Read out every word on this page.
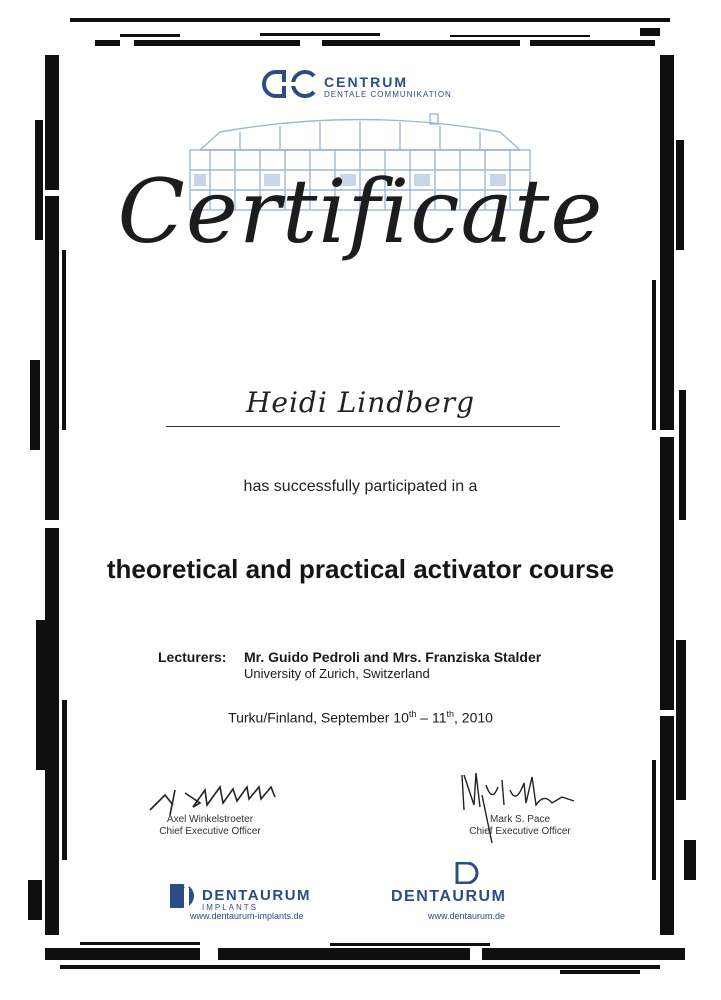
CENTRUM
DENTALE COMMUNIKATION
Certificate
Heidi Lindberg
has successfully participated in a
theoretical and practical activator course
Lecturers: Mr. Guido Pedroli and Mrs. Franziska Stalder
University of Zurich, Switzerland
Turku/Finland, September 10th – 11th, 2010
Axel Winkelstroeter
Chief Executive Officer
Mark S. Pace
Chief Executive Officer
DENTAURUM
IMPLANTS
www.dentaurum-implants.de
DENTAURUM
www.dentaurum.de
